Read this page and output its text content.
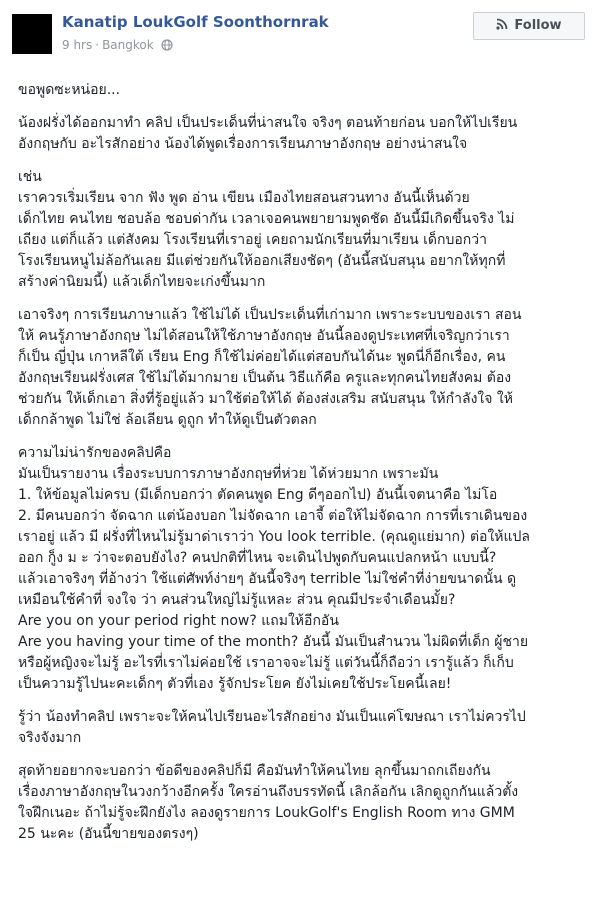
Kanatip LoukGolf Soonthornrak
9 hrs · Bangkok
Follow

ขอพูดซะหน่อย...

น้องฝรั่งได้ออกมาทำ คลิป เป็นประเด็นที่น่าสนใจ จริงๆ ตอนท้ายก่อน บอกให้ไปเรียน
อังกฤษกับ อะไรสักอย่าง น้องได้พูดเรื่องการเรียนภาษาอังกฤษ อย่างน่าสนใจ

เช่น
เราควรเริ่มเรียน จาก ฟัง พูด อ่าน เขียน เมืองไทยสอนสวนทาง อันนี้เห็นด้วย
เด็กไทย คนไทย ชอบล้อ ชอบด่ากัน เวลาเจอคนพยายามพูดชัด อันนี้มีเกิดขึ้นจริง ไม่
เถียง แต่ก็แล้ว แต่สังคม โรงเรียนที่เราอยู่ เคยถามนักเรียนที่มาเรียน เด็กบอกว่า
โรงเรียนหนูไม่ล้อกันเลย มีแต่ช่วยกันให้ออกเสียงชัดๆ (อันนี้สนับสนุน อยากให้ทุกที่
สร้างค่านิยมนี้) แล้วเด็กไทยจะเก่งขึ้นมาก

เอาจริงๆ การเรียนภาษาแล้ว ใช้ไม่ได้ เป็นประเด็นที่เก่ามาก เพราะระบบของเรา สอน
ให้ คนรู้ภาษาอังกฤษ ไม่ได้สอนให้ใช้ภาษาอังกฤษ อันนี้ลองดูประเทศที่เจริญกว่าเรา
ก็เป็น ญี่ปุ่น เกาหลีใต้ เรียน Eng ก็ใช้ไม่ค่อยได้แต่สอบกันได้นะ พูดนี่ก็อีกเรื่อง, คน
อังกฤษเรียนฝรั่งเศส ใช้ไม่ได้มากมาย เป็นต้น วิธีแก้คือ ครูและทุกคนไทยสังคม ต้อง
ช่วยกัน ให้เด็กเอา สิ่งที่รู้อยู่แล้ว มาใช้ต่อให้ได้ ต้องส่งเสริม สนับสนุน ให้กำลังใจ ให้
เด็กกล้าพูด ไม่ใช่ ล้อเลียน ดูถูก ทำให้ดูเป็นตัวตลก

ความไม่น่ารักของคลิปคือ
มันเป็นรายงาน เรื่องระบบการภาษาอังกฤษที่ห่วย ได้ห่วยมาก เพราะมัน
1. ให้ข้อมูลไม่ครบ (มีเด็กบอกว่า ตัดคนพูด Eng ดีๆออกไป) อันนี้เจตนาคือ ไม่โอ
2. มีคนบอกว่า จัดฉาก แต่น้องบอก ไม่จัดฉาก เอาจี้ ต่อให้ไม่จัดฉาก การที่เราเดินของ
เราอยู่ แล้ว มี ฝรั่งที่ไหนไม่รู้มาด่าเราว่า You look terrible. (คุณดูแย่มาก) ต่อให้แปล
ออก กู็ง ม ะ ว่าจะตอบยังไง? คนปกติที่ไหน จะเดินไปพูดกับคนแปลกหน้า แบบนี้?
แล้วเอาจริงๆ ที่อ้างว่า ใช้แต่ศัพท์ง่ายๆ อันนี้จริงๆ terrible ไม่ใช่คำที่ง่ายขนาดนั้น ดู
เหมือนใช้คำที่ จงใจ ว่า คนส่วนใหญ่ไม่รู้แหละ ส่วน คุณมีประจำเดือนมั้ย?
Are you on your period right now? แถมให้อีกอัน
Are you having your time of the month? อันนี้ มันเป็นสำนวน ไม่ผิดที่เด็ก ผู้ชาย
หรือผู้หญิงจะไม่รู้ อะไรที่เราไม่ค่อยใช้ เราอาจจะไม่รู้ แต่วันนี้ก็ถือว่า เรารู้แล้ว ก็เก็บ
เป็นความรู้ไปนะคะเด็กๆ ตัวที่เอง รู้จักประโยค ยังไม่เคยใช้ประโยคนี้เลย!

รู้ว่า น้องทำคลิป เพราะจะให้คนไปเรียนอะไรสักอย่าง มันเป็นแค่โฆษณา เราไม่ควรไป
จริงจังมาก

สุดท้ายอยากจะบอกว่า ข้อดีของคลิปก็มี คือมันทำให้คนไทย ลุกขึ้นมาถกเถียงกัน
เรื่องภาษาอังกฤษในวงกว้างอีกครั้ง ใครอ่านถึงบรรทัดนี้ เลิกล้อกัน เลิกดูถูกกันแล้วตั้ง
ใจฝึกเนอะ ถ้าไม่รู้จะฝึกยังไง ลองดูรายการ LoukGolf's English Room ทาง GMM
25 นะคะ (อันนี้ขายของตรงๆ)
